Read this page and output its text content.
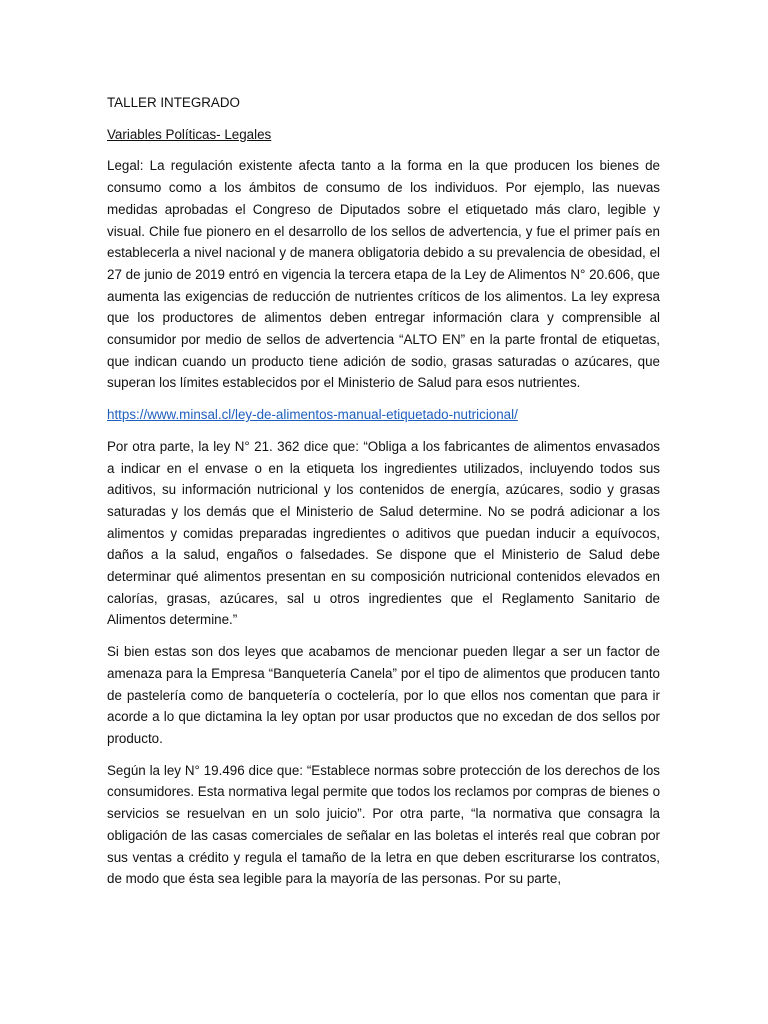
TALLER INTEGRADO

Variables Políticas- Legales

Legal: La regulación existente afecta tanto a la forma en la que producen los bienes de consumo como a los ámbitos de consumo de los individuos. Por ejemplo, las nuevas medidas aprobadas el Congreso de Diputados sobre el etiquetado más claro, legible y visual. Chile fue pionero en el desarrollo de los sellos de advertencia, y fue el primer país en establecerla a nivel nacional y de manera obligatoria debido a su prevalencia de obesidad, el 27 de junio de 2019 entró en vigencia la tercera etapa de la Ley de Alimentos N° 20.606, que aumenta las exigencias de reducción de nutrientes críticos de los alimentos. La ley expresa que los productores de alimentos deben entregar información clara y comprensible al consumidor por medio de sellos de advertencia “ALTO EN” en la parte frontal de etiquetas, que indican cuando un producto tiene adición de sodio, grasas saturadas o azúcares, que superan los límites establecidos por el Ministerio de Salud para esos nutrientes.

https://www.minsal.cl/ley-de-alimentos-manual-etiquetado-nutricional/

Por otra parte, la ley N° 21. 362 dice que: “Obliga a los fabricantes de alimentos envasados a indicar en el envase o en la etiqueta los ingredientes utilizados, incluyendo todos sus aditivos, su información nutricional y los contenidos de energía, azúcares, sodio y grasas saturadas y los demás que el Ministerio de Salud determine. No se podrá adicionar a los alimentos y comidas preparadas ingredientes o aditivos que puedan inducir a equívocos, daños a la salud, engaños o falsedades. Se dispone que el Ministerio de Salud debe determinar qué alimentos presentan en su composición nutricional contenidos elevados en calorías, grasas, azúcares, sal u otros ingredientes que el Reglamento Sanitario de Alimentos determine.”

Si bien estas son dos leyes que acabamos de mencionar pueden llegar a ser un factor de amenaza para la Empresa “Banquetería Canela” por el tipo de alimentos que producen tanto de pastelería como de banquetería o coctelería, por lo que ellos nos comentan que para ir acorde a lo que dictamina la ley optan por usar productos que no excedan de dos sellos por producto.

Según la ley N° 19.496 dice que: “Establece normas sobre protección de los derechos de los consumidores. Esta normativa legal permite que todos los reclamos por compras de bienes o servicios se resuelvan en un solo juicio”. Por otra parte, “la normativa que consagra la obligación de las casas comerciales de señalar en las boletas el interés real que cobran por sus ventas a crédito y regula el tamaño de la letra en que deben escriturarse los contratos, de modo que ésta sea legible para la mayoría de las personas. Por su parte,
